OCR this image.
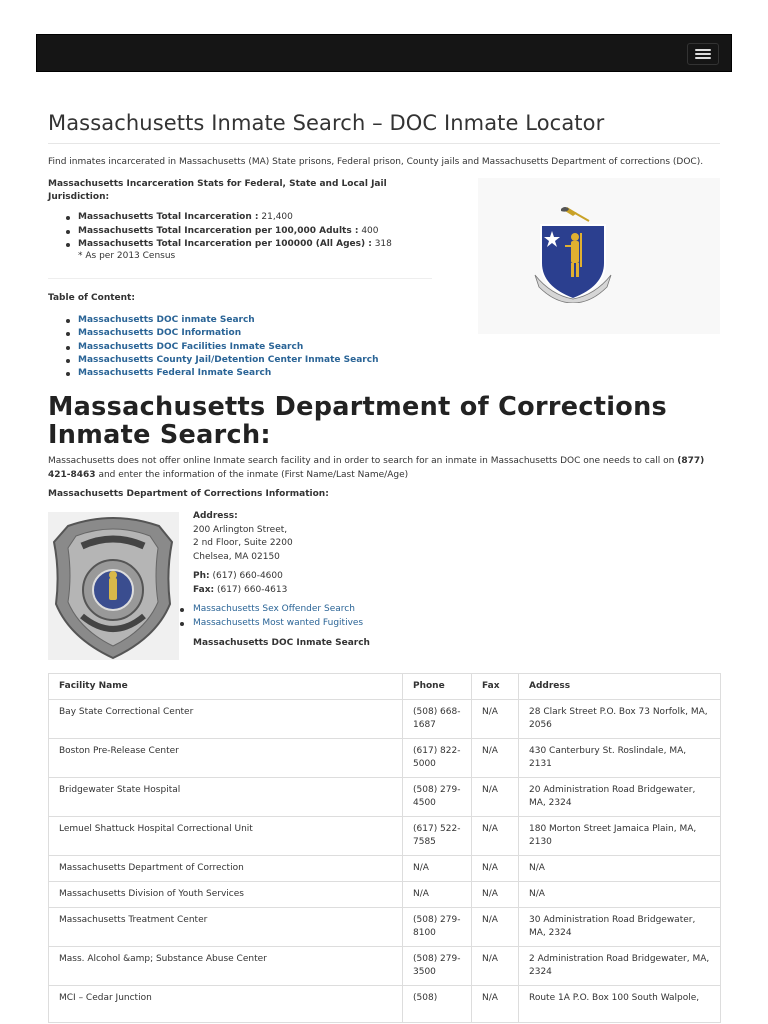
Massachusetts Inmate Search – DOC Inmate Locator

Find inmates incarcerated in Massachusetts (MA) State prisons, Federal prison, County jails and Massachusetts Department of corrections (DOC).

Massachusetts Incarceration Stats for Federal, State and Local Jail Jurisdiction:
Massachusetts Total Incarceration : 21,400
Massachusetts Total Incarceration per 100,000 Adults : 400
Massachusetts Total Incarceration per 100000 (All Ages) : 318
* As per 2013 Census
Table of Content:
Massachusetts DOC inmate Search
Massachusetts DOC Information
Massachusetts DOC Facilities Inmate Search
Massachusetts County Jail/Detention Center Inmate Search
Massachusetts Federal Inmate Search
Massachusetts Department of Corrections Inmate Search:

Massachusetts does not offer online Inmate search facility and in order to search for an inmate in Massachusetts DOC one needs to call on (877) 421-8463 and enter the information of the inmate (First Name/Last Name/Age)

Massachusetts Department of Corrections Information:
Address:
200 Arlington Street,
2 nd Floor, Suite 2200
Chelsea, MA 02150
Ph: (617) 660-4600
Fax: (617) 660-4613
Massachusetts Sex Offender Search
Massachusetts Most wanted Fugitives
Massachusetts DOC Inmate Search
Facility Name	Phone	Fax	Address
Bay State Correctional Center	(508) 668-1687	N/A	28 Clark Street P.O. Box 73 Norfolk, MA, 2056
Boston Pre-Release Center	(617) 822-5000	N/A	430 Canterbury St. Roslindale, MA, 2131
Bridgewater State Hospital	(508) 279-4500	N/A	20 Administration Road Bridgewater, MA, 2324
Lemuel Shattuck Hospital Correctional Unit	(617) 522-7585	N/A	180 Morton Street Jamaica Plain, MA, 2130
Massachusetts Department of Correction	N/A	N/A	N/A
Massachusetts Division of Youth Services	N/A	N/A	N/A
Massachusetts Treatment Center	(508) 279-8100	N/A	30 Administration Road Bridgewater, MA, 2324
Mass. Alcohol &amp; Substance Abuse Center	(508) 279-3500	N/A	2 Administration Road Bridgewater, MA, 2324
MCI – Cedar Junction	(508)	N/A	Route 1A P.O. Box 100 South Walpole,
